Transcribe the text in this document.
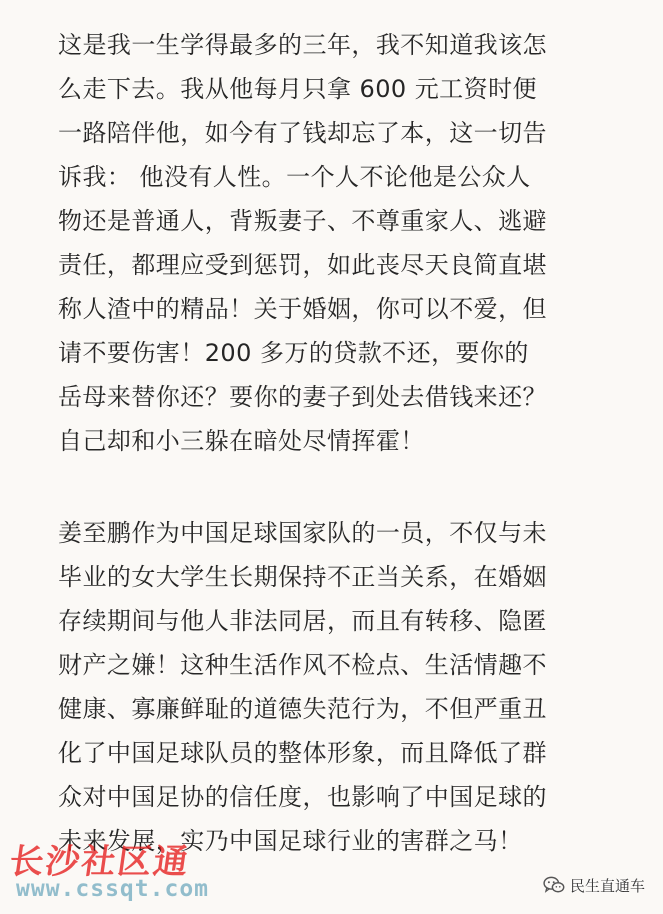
这是我一生学得最多的三年，我不知道我该怎
么走下去。我从他每月只拿 600 元工资时便
一路陪伴他，如今有了钱却忘了本，这一切告
诉我： 他没有人性。一个人不论他是公众人
物还是普通人，背叛妻子、不尊重家人、逃避
责任，都理应受到惩罚，如此丧尽天良简直堪
称人渣中的精品！关于婚姻，你可以不爱，但
请不要伤害！200 多万的贷款不还，要你的
岳母来替你还？要你的妻子到处去借钱来还？
自己却和小三躲在暗处尽情挥霍！
姜至鹏作为中国足球国家队的一员，不仅与未
毕业的女大学生长期保持不正当关系，在婚姻
存续期间与他人非法同居，而且有转移、隐匿
财产之嫌！这种生活作风不检点、生活情趣不
健康、寡廉鲜耻的道德失范行为，不但严重丑
化了中国足球队员的整体形象，而且降低了群
众对中国足协的信任度，也影响了中国足球的
未来发展，实乃中国足球行业的害群之马！
长沙社区通
www.cssqt.com	民生直通车
